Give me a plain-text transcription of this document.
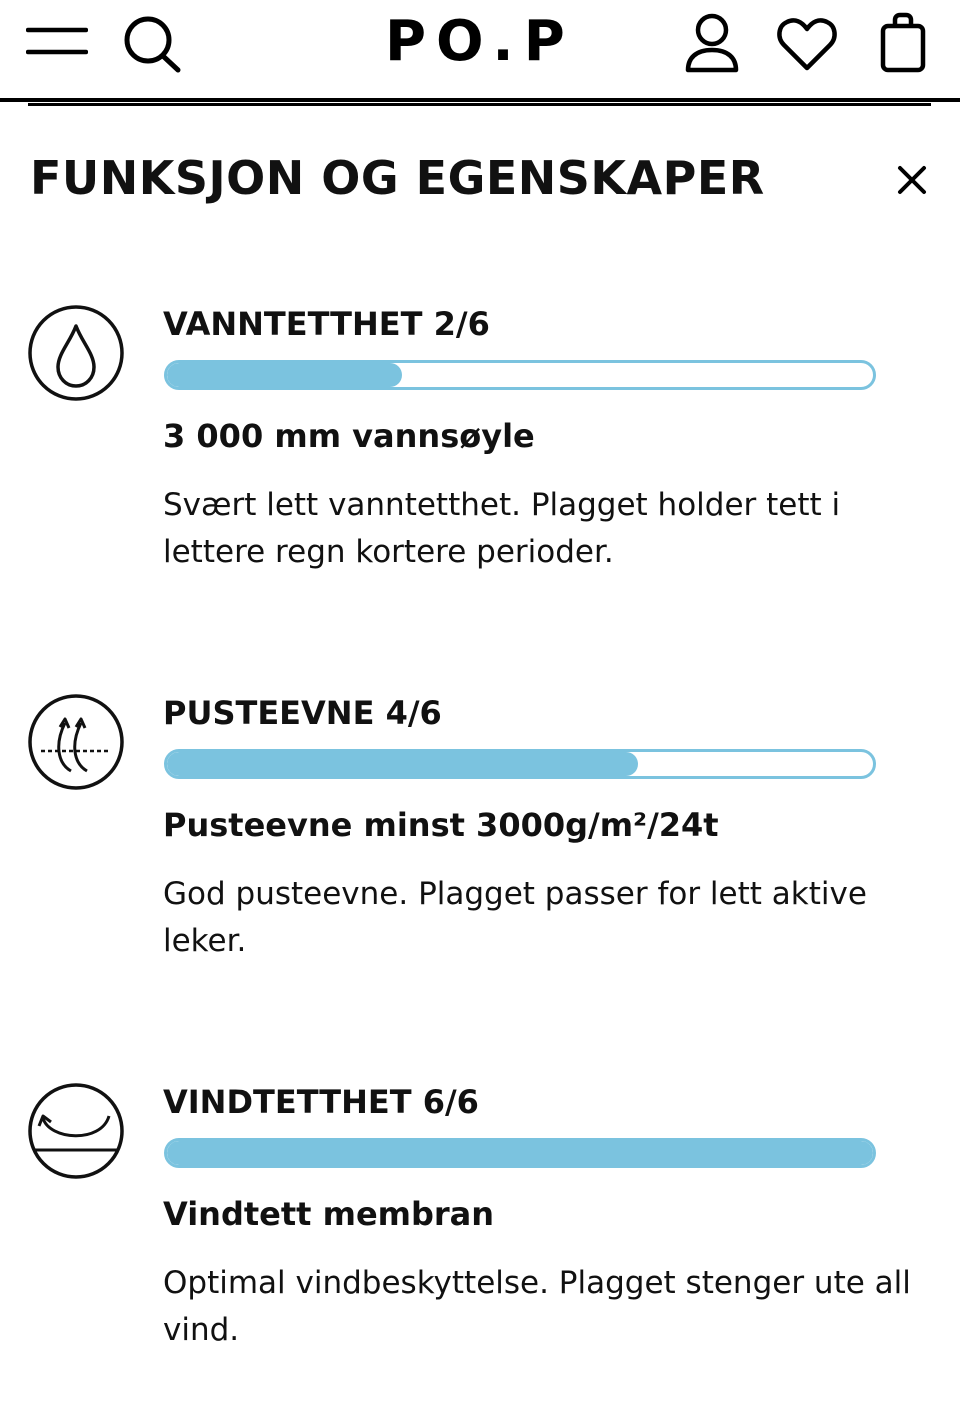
PO.P
FUNKSJON OG EGENSKAPER
VANNTETTHET 2/6
3 000 mm vannsøyle
Svært lett vanntetthet. Plagget holder tett i lettere regn kortere perioder.
PUSTEEVNE 4/6
Pusteevne minst 3000g/m²/24t
God pusteevne. Plagget passer for lett aktive leker.
VINDTETTHET 6/6
Vindtett membran
Optimal vindbeskyttelse. Plagget stenger ute all vind.
